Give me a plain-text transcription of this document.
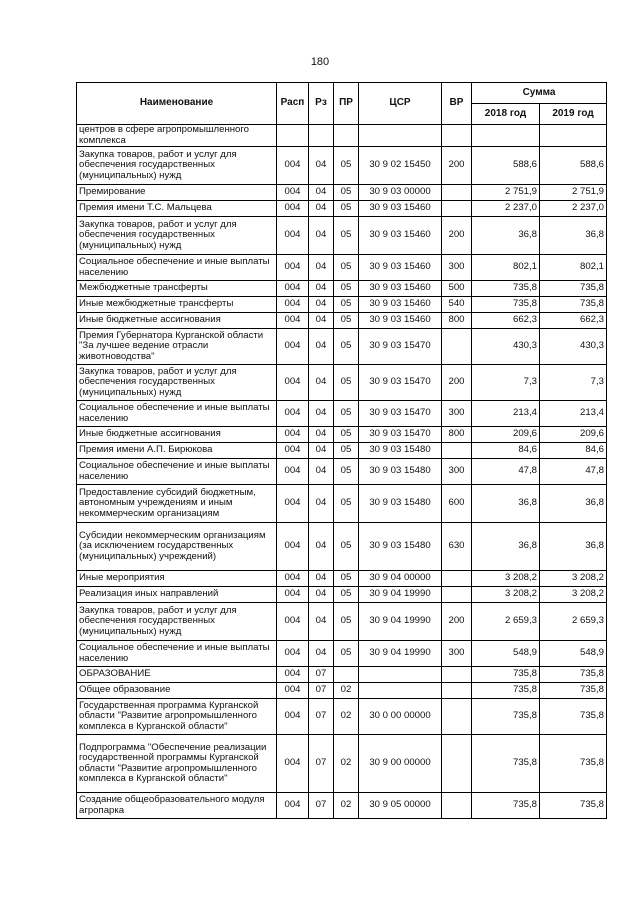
180
Наименование	Расп	Рз	ПР	ЦСР	ВР	Сумма	
						2018 год	2019 год
центров в сфере агропромышленного комплекса							
Закупка товаров, работ и услуг для обеспечения государственных (муниципальных) нужд	004	04	05	30 9 02 15450	200	588,6	588,6
Премирование	004	04	05	30 9 03 00000		2 751,9	2 751,9
Премия имени Т.С. Мальцева	004	04	05	30 9 03 15460		2 237,0	2 237,0
Закупка товаров, работ и услуг для обеспечения государственных (муниципальных) нужд	004	04	05	30 9 03 15460	200	36,8	36,8
Социальное обеспечение и иные выплаты населению	004	04	05	30 9 03 15460	300	802,1	802,1
Межбюджетные трансферты	004	04	05	30 9 03 15460	500	735,8	735,8
Иные межбюджетные трансферты	004	04	05	30 9 03 15460	540	735,8	735,8
Иные бюджетные ассигнования	004	04	05	30 9 03 15460	800	662,3	662,3
Премия Губернатора Курганской области "За лучшее ведение отрасли животноводства"	004	04	05	30 9 03 15470		430,3	430,3
Закупка товаров, работ и услуг для обеспечения государственных (муниципальных) нужд	004	04	05	30 9 03 15470	200	7,3	7,3
Социальное обеспечение и иные выплаты населению	004	04	05	30 9 03 15470	300	213,4	213,4
Иные бюджетные ассигнования	004	04	05	30 9 03 15470	800	209,6	209,6
Премия имени А.П. Бирюкова	004	04	05	30 9 03 15480		84,6	84,6
Социальное обеспечение и иные выплаты населению	004	04	05	30 9 03 15480	300	47,8	47,8
Предоставление субсидий бюджетным, автономным учреждениям и иным некоммерческим организациям	004	04	05	30 9 03 15480	600	36,8	36,8
Субсидии некоммерческим организациям (за исключением государственных (муниципальных) учреждений)	004	04	05	30 9 03 15480	630	36,8	36,8
Иные мероприятия	004	04	05	30 9 04 00000		3 208,2	3 208,2
Реализация иных направлений	004	04	05	30 9 04 19990		3 208,2	3 208,2
Закупка товаров, работ и услуг для обеспечения государственных (муниципальных) нужд	004	04	05	30 9 04 19990	200	2 659,3	2 659,3
Социальное обеспечение и иные выплаты населению	004	04	05	30 9 04 19990	300	548,9	548,9
ОБРАЗОВАНИЕ	004	07				735,8	735,8
Общее образование	004	07	02			735,8	735,8
Государственная программа Курганской области "Развитие агропромышленного комплекса в Курганской области"	004	07	02	30 0 00 00000		735,8	735,8
Подпрограмма "Обеспечение реализации государственной программы Курганской области "Развитие агропромышленного комплекса в Курганской области"	004	07	02	30 9 00 00000		735,8	735,8
Создание общеобразовательного модуля агропарка	004	07	02	30 9 05 00000		735,8	735,8
